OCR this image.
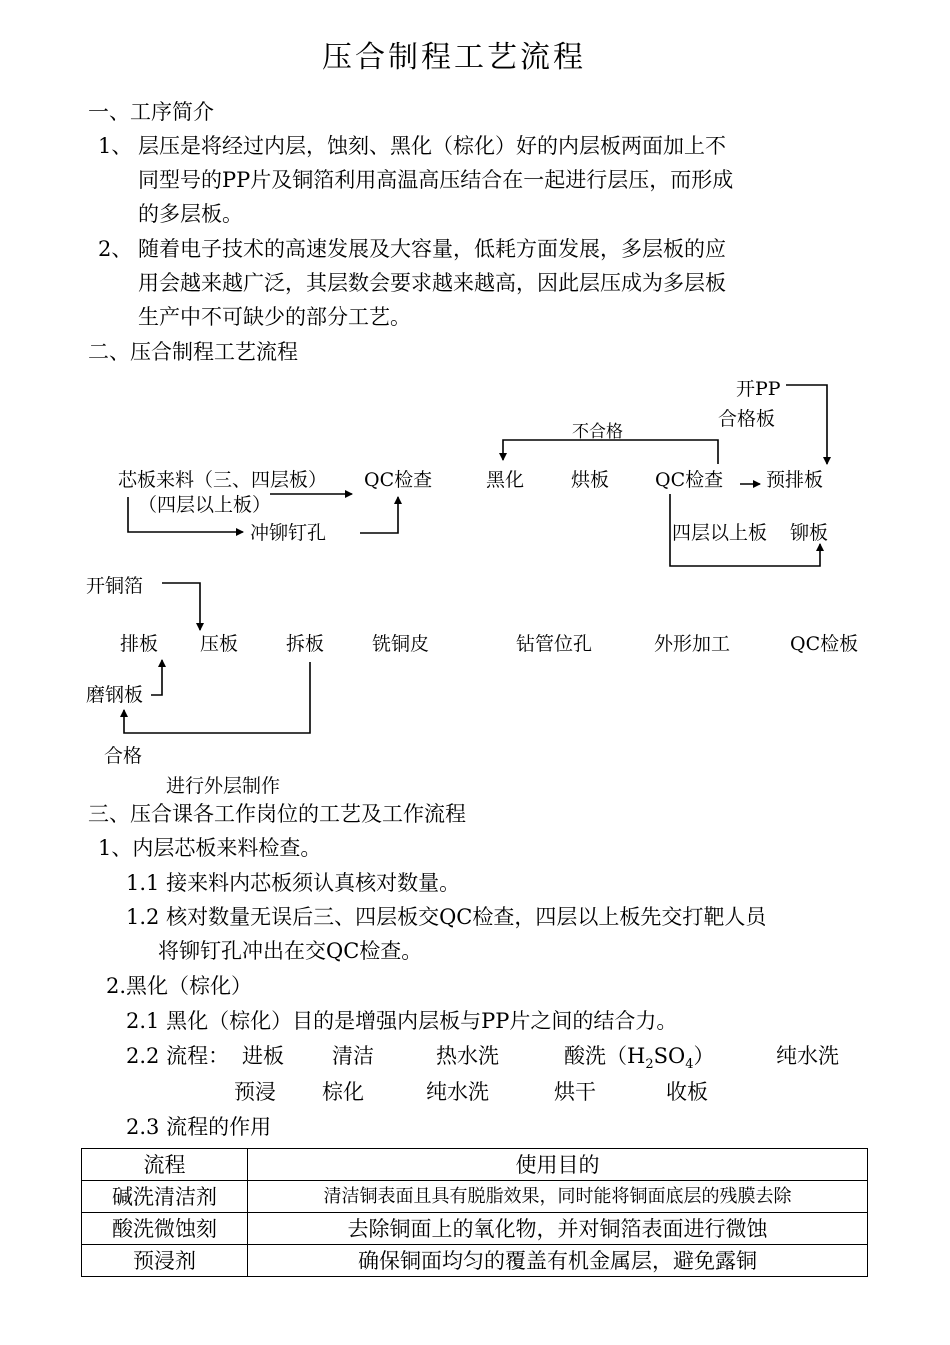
压合制程工艺流程
一、工序简介
1、 层压是将经过内层，蚀刻、黑化（棕化）好的内层板两面加上不
同型号的PP片及铜箔利用高温高压结合在一起进行层压，而形成
的多层板。
2、 随着电子技术的高速发展及大容量，低耗方面发展，多层板的应
用会越来越广泛，其层数会要求越来越高，因此层压成为多层板
生产中不可缺少的部分工艺。
二、压合制程工艺流程
开PP
合格板
不合格
芯板来料（三、四层板） QC检查	黑化 烘板 QC检查 预排板
（四层以上板）
冲铆钉孔	四层以上板 铆板
开铜箔
排板 压板	拆板	铣铜皮	钻管位孔	外形加工	QC检板
磨钢板
合格
进行外层制作
三、压合课各工作岗位的工艺及工作流程
1、内层芯板来料检查。
1.1 接来料内芯板须认真核对数量。
1.2 核对数量无误后三、四层板交QC检查，四层以上板先交打靶人员
将铆钉孔冲出在交QC检查。
2.黑化（棕化）
2.1 黑化（棕化）目的是增强内层板与PP片之间的结合力。
2.2 流程： 进板 清洁	热水洗	酸洗$(H_2SO_4)$	纯水洗
预浸 棕化	纯水洗	烘干	收板
2.3 流程的作用
流程	使用目的
碱洗清洁剂	清洁铜表面且具有脱脂效果，同时能将铜面底层的残膜去除
酸洗微蚀刻	去除铜面上的氧化物，并对铜箔表面进行微蚀
预浸剂	确保铜面均匀的覆盖有机金属层，避免露铜
